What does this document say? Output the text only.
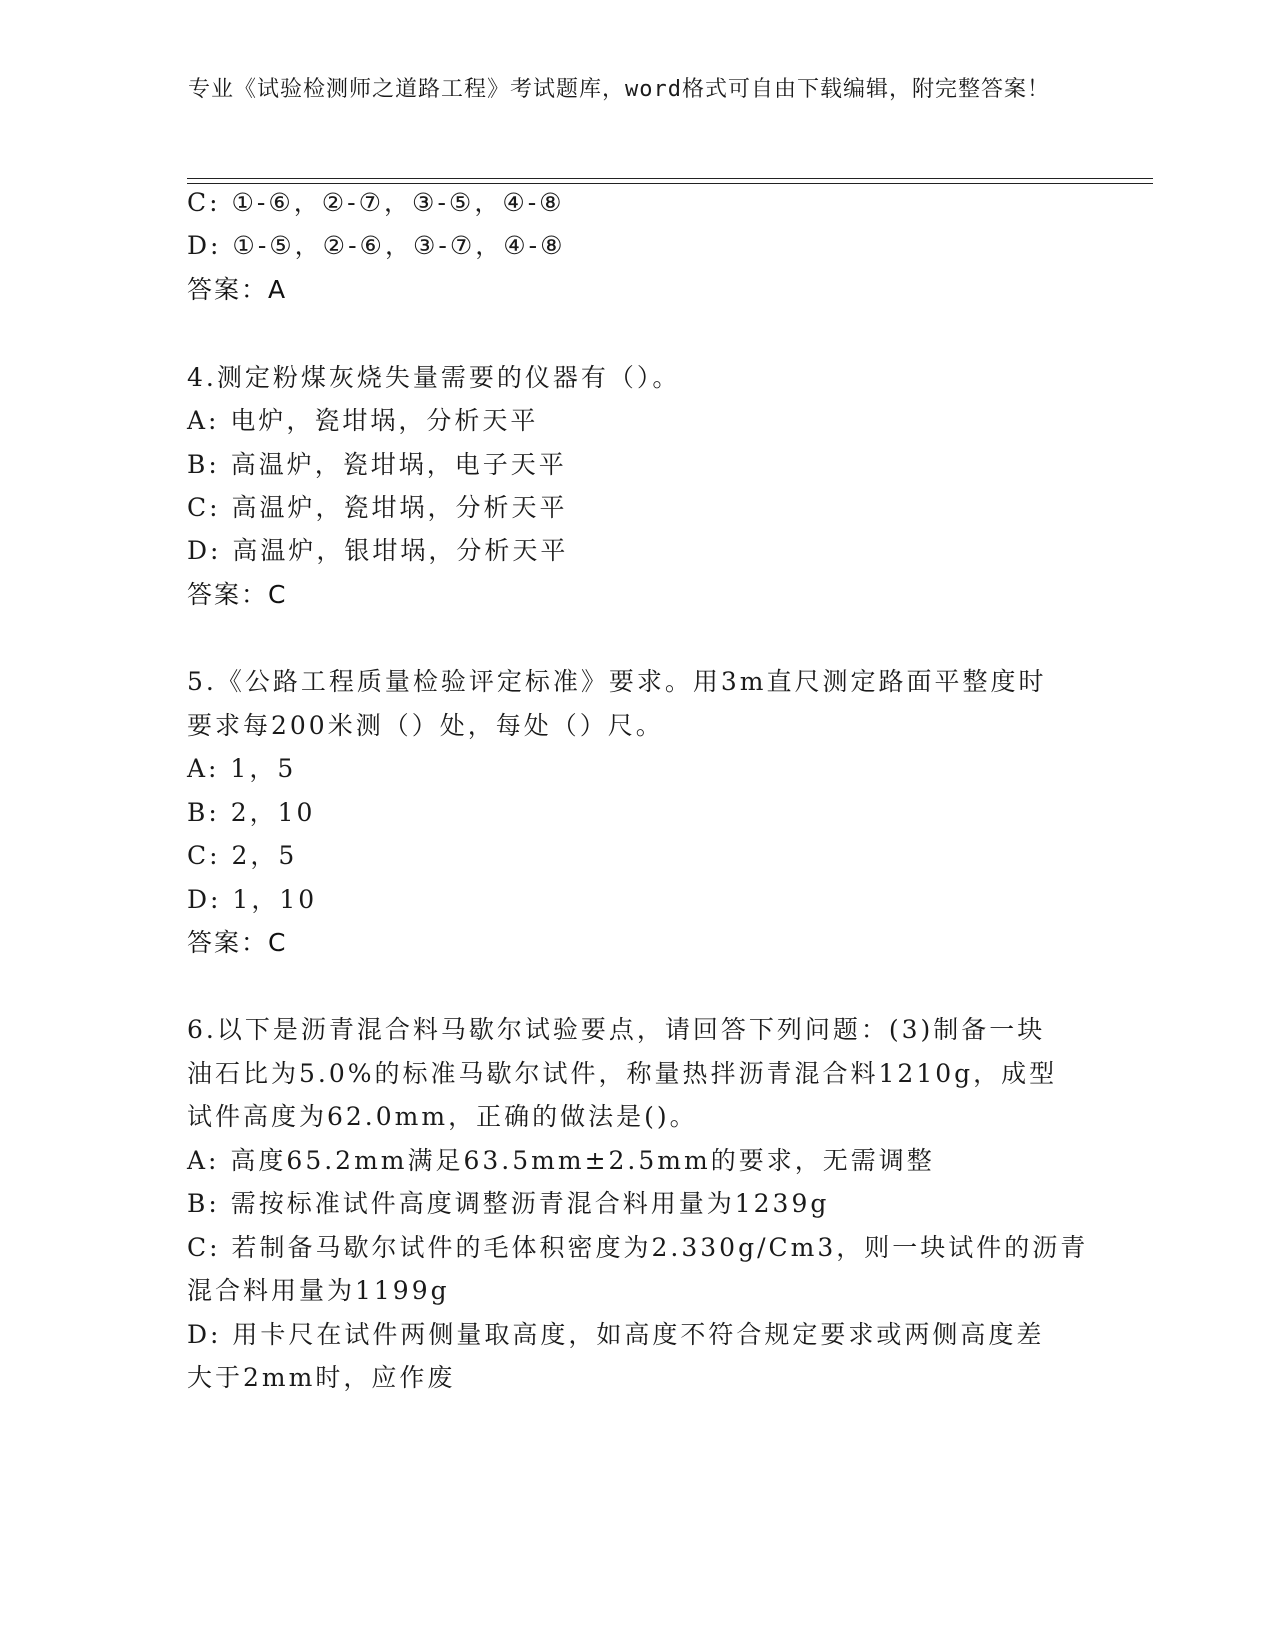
专业《试验检测师之道路工程》考试题库，word格式可自由下载编辑，附完整答案！
C: ①-⑥，②-⑦，③-⑤，④-⑧
D: ①-⑤，②-⑥，③-⑦，④-⑧
答案：A
4.测定粉煤灰烧失量需要的仪器有（）。
A: 电炉，瓷坩埚，分析天平
B: 高温炉，瓷坩埚，电子天平
C: 高温炉，瓷坩埚，分析天平
D: 高温炉，银坩埚，分析天平
答案：C
5.《公路工程质量检验评定标准》要求。用3m直尺测定路面平整度时
要求每200米测（）处，每处（）尺。
A: 1，5
B: 2，10
C: 2，5
D: 1，10
答案：C
6.以下是沥青混合料马歇尔试验要点，请回答下列问题：(3)制备一块
油石比为5.0%的标准马歇尔试件，称量热拌沥青混合料1210g，成型
试件高度为62.0mm，正确的做法是()。
A: 高度65.2mm满足63.5mm±2.5mm的要求，无需调整
B: 需按标准试件高度调整沥青混合料用量为1239g
C: 若制备马歇尔试件的毛体积密度为2.330g/Cm3，则一块试件的沥青
混合料用量为1199g
D: 用卡尺在试件两侧量取高度，如高度不符合规定要求或两侧高度差
大于2mm时，应作废
